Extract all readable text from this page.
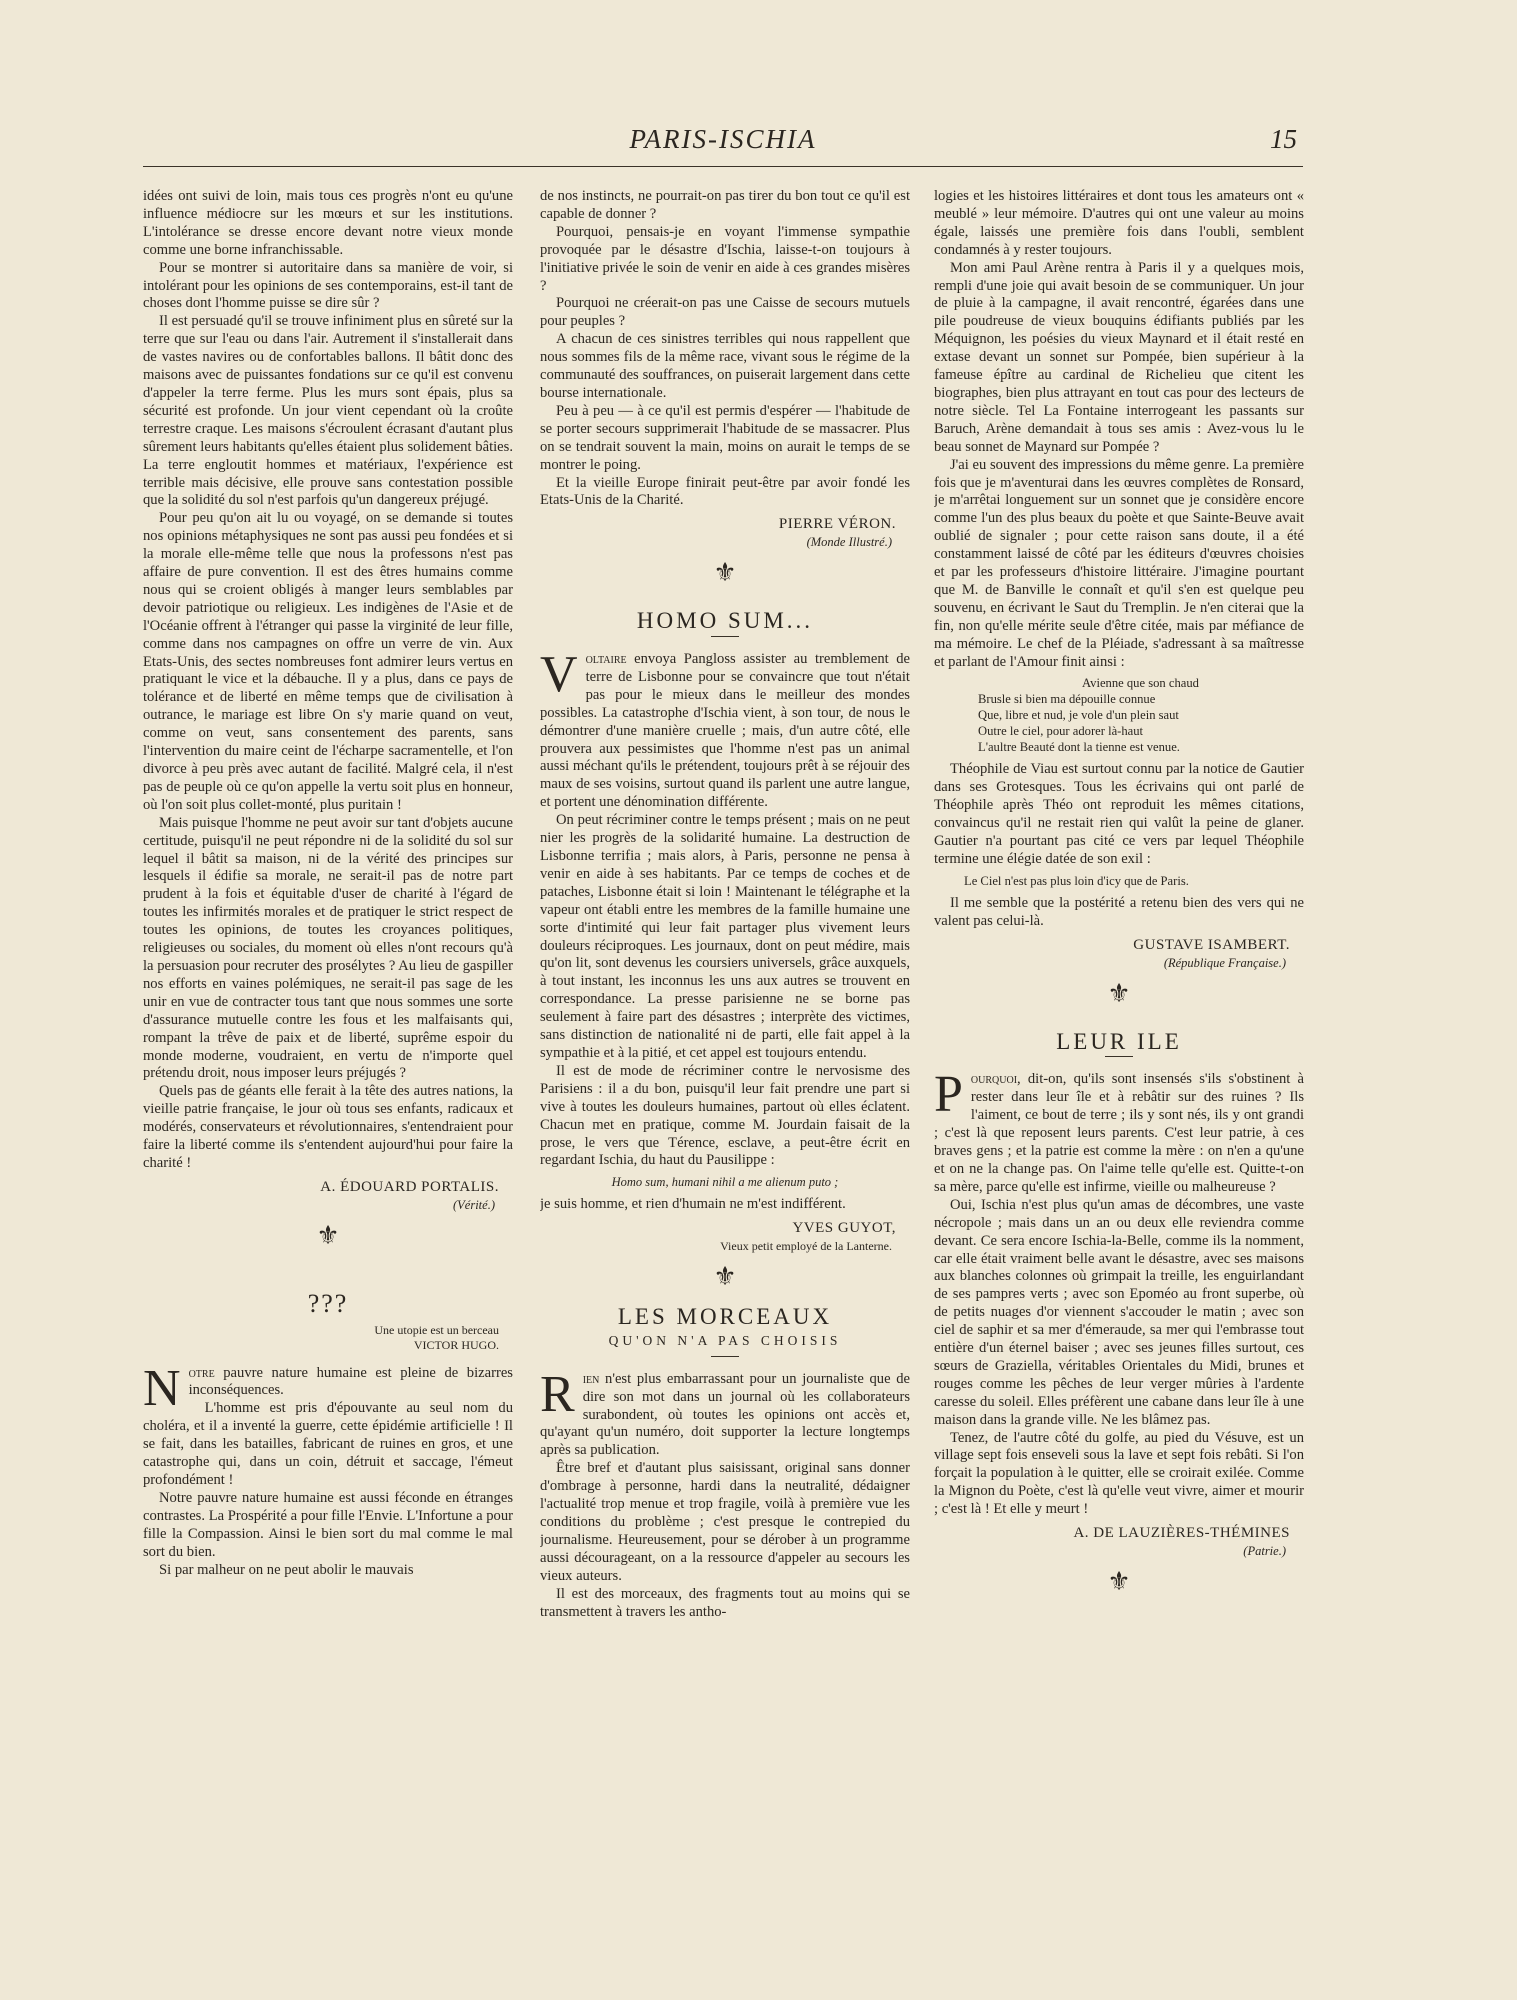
PARIS-ISCHIA	15

idées ont suivi de loin, mais tous ces progrès n'ont eu qu'une influence médiocre sur les mœurs et sur les institutions. L'intolérance se dresse encore devant notre vieux monde comme une borne infranchissable.

Pour se montrer si autoritaire dans sa manière de voir, si intolérant pour les opinions de ses contemporains, est-il tant de choses dont l'homme puisse se dire sûr ?

Il est persuadé qu'il se trouve infiniment plus en sûreté sur la terre que sur l'eau ou dans l'air. Autrement il s'installerait dans de vastes navires ou de confortables ballons. Il bâtit donc des maisons avec de puissantes fondations sur ce qu'il est convenu d'appeler la terre ferme. Plus les murs sont épais, plus sa sécurité est profonde. Un jour vient cependant où la croûte terrestre craque. Les maisons s'écroulent écrasant d'autant plus sûrement leurs habitants qu'elles étaient plus solidement bâties. La terre engloutit hommes et matériaux, l'expérience est terrible mais décisive, elle prouve sans contestation possible que la solidité du sol n'est parfois qu'un dangereux préjugé.

Pour peu qu'on ait lu ou voyagé, on se demande si toutes nos opinions métaphysiques ne sont pas aussi peu fondées et si la morale elle-même telle que nous la professons n'est pas affaire de pure convention. Il est des êtres humains comme nous qui se croient obligés à manger leurs semblables par devoir patriotique ou religieux. Les indigènes de l'Asie et de l'Océanie offrent à l'étranger qui passe la virginité de leur fille, comme dans nos campagnes on offre un verre de vin. Aux Etats-Unis, des sectes nombreuses font admirer leurs vertus en pratiquant le vice et la débauche. Il y a plus, dans ce pays de tolérance et de liberté en même temps que de civilisation à outrance, le mariage est libre On s'y marie quand on veut, comme on veut, sans consentement des parents, sans l'intervention du maire ceint de l'écharpe sacramentelle, et l'on divorce à peu près avec autant de facilité. Malgré cela, il n'est pas de peuple où ce qu'on appelle la vertu soit plus en honneur, où l'on soit plus collet-monté, plus puritain !

Mais puisque l'homme ne peut avoir sur tant d'objets aucune certitude, puisqu'il ne peut répondre ni de la solidité du sol sur lequel il bâtit sa maison, ni de la vérité des principes sur lesquels il édifie sa morale, ne serait-il pas de notre part prudent à la fois et équitable d'user de charité à l'égard de toutes les infirmités morales et de pratiquer le strict respect de toutes les opinions, de toutes les croyances politiques, religieuses ou sociales, du moment où elles n'ont recours qu'à la persuasion pour recruter des prosélytes ? Au lieu de gaspiller nos efforts en vaines polémiques, ne serait-il pas sage de les unir en vue de contracter tous tant que nous sommes une sorte d'assurance mutuelle contre les fous et les malfaisants qui, rompant la trêve de paix et de liberté, suprême espoir du monde moderne, voudraient, en vertu de n'importe quel prétendu droit, nous imposer leurs préjugés ?

Quels pas de géants elle ferait à la tête des autres nations, la vieille patrie française, le jour où tous ses enfants, radicaux et modérés, conservateurs et révolutionnaires, s'entendraient pour faire la liberté comme ils s'entendent aujourd'hui pour faire la charité !

A. ÉDOUARD PORTALIS.
(Vérité.)
⚜
???
Une utopie est un berceau
VICTOR HUGO.

Notre pauvre nature humaine est pleine de bizarres inconséquences.

L'homme est pris d'épouvante au seul nom du choléra, et il a inventé la guerre, cette épidémie artificielle ! Il se fait, dans les batailles, fabricant de ruines en gros, et une catastrophe qui, dans un coin, détruit et saccage, l'émeut profondément !

Notre pauvre nature humaine est aussi féconde en étranges contrastes. La Prospérité a pour fille l'Envie. L'Infortune a pour fille la Compassion. Ainsi le bien sort du mal comme le mal sort du bien.

Si par malheur on ne peut abolir le mauvais

de nos instincts, ne pourrait-on pas tirer du bon tout ce qu'il est capable de donner ?

Pourquoi, pensais-je en voyant l'immense sympathie provoquée par le désastre d'Ischia, laisse-t-on toujours à l'initiative privée le soin de venir en aide à ces grandes misères ?

Pourquoi ne créerait-on pas une Caisse de secours mutuels pour peuples ?

A chacun de ces sinistres terribles qui nous rappellent que nous sommes fils de la même race, vivant sous le régime de la communauté des souffrances, on puiserait largement dans cette bourse internationale.

Peu à peu — à ce qu'il est permis d'espérer — l'habitude de se porter secours supprimerait l'habitude de se massacrer. Plus on se tendrait souvent la main, moins on aurait le temps de se montrer le poing.

Et la vieille Europe finirait peut-être par avoir fondé les Etats-Unis de la Charité.

PIERRE VÉRON.
(Monde Illustré.)
⚜
HOMO SUM...

Voltaire envoya Pangloss assister au tremblement de terre de Lisbonne pour se convaincre que tout n'était pas pour le mieux dans le meilleur des mondes possibles. La catastrophe d'Ischia vient, à son tour, de nous le démontrer d'une manière cruelle ; mais, d'un autre côté, elle prouvera aux pessimistes que l'homme n'est pas un animal aussi méchant qu'ils le prétendent, toujours prêt à se réjouir des maux de ses voisins, surtout quand ils parlent une autre langue, et portent une dénomination différente.

On peut récriminer contre le temps présent ; mais on ne peut nier les progrès de la solidarité humaine. La destruction de Lisbonne terrifia ; mais alors, à Paris, personne ne pensa à venir en aide à ses habitants. Par ce temps de coches et de pataches, Lisbonne était si loin ! Maintenant le télégraphe et la vapeur ont établi entre les membres de la famille humaine une sorte d'intimité qui leur fait partager plus vivement leurs douleurs réciproques. Les journaux, dont on peut médire, mais qu'on lit, sont devenus les coursiers universels, grâce auxquels, à tout instant, les inconnus les uns aux autres se trouvent en correspondance. La presse parisienne ne se borne pas seulement à faire part des désastres ; interprète des victimes, sans distinction de nationalité ni de parti, elle fait appel à la sympathie et à la pitié, et cet appel est toujours entendu.

Il est de mode de récriminer contre le nervosisme des Parisiens : il a du bon, puisqu'il leur fait prendre une part si vive à toutes les douleurs humaines, partout où elles éclatent. Chacun met en pratique, comme M. Jourdain faisait de la prose, le vers que Térence, esclave, a peut-être écrit en regardant Ischia, du haut du Pausilippe :

Homo sum, humani nihil a me alienum puto ;

je suis homme, et rien d'humain ne m'est indifférent.

YVES GUYOT,
Vieux petit employé de la Lanterne.
⚜
LES MORCEAUX
QU'ON N'A PAS CHOISIS

Rien n'est plus embarrassant pour un journaliste que de dire son mot dans un journal où les collaborateurs surabondent, où toutes les opinions ont accès et, qu'ayant qu'un numéro, doit supporter la lecture longtemps après sa publication.

Être bref et d'autant plus saisissant, original sans donner d'ombrage à personne, hardi dans la neutralité, dédaigner l'actualité trop menue et trop fragile, voilà à première vue les conditions du problème ; c'est presque le contrepied du journalisme. Heureusement, pour se dérober à un programme aussi décourageant, on a la ressource d'appeler au secours les vieux auteurs.

Il est des morceaux, des fragments tout au moins qui se transmettent à travers les antho-

logies et les histoires littéraires et dont tous les amateurs ont « meublé » leur mémoire. D'autres qui ont une valeur au moins égale, laissés une première fois dans l'oubli, semblent condamnés à y rester toujours.

Mon ami Paul Arène rentra à Paris il y a quelques mois, rempli d'une joie qui avait besoin de se communiquer. Un jour de pluie à la campagne, il avait rencontré, égarées dans une pile poudreuse de vieux bouquins édifiants publiés par les Méquignon, les poésies du vieux Maynard et il était resté en extase devant un sonnet sur Pompée, bien supérieur à la fameuse épître au cardinal de Richelieu que citent les biographes, bien plus attrayant en tout cas pour des lecteurs de notre siècle. Tel La Fontaine interrogeant les passants sur Baruch, Arène demandait à tous ses amis : Avez-vous lu le beau sonnet de Maynard sur Pompée ?

J'ai eu souvent des impressions du même genre. La première fois que je m'aventurai dans les œuvres complètes de Ronsard, je m'arrêtai longuement sur un sonnet que je considère encore comme l'un des plus beaux du poète et que Sainte-Beuve avait oublié de signaler ; pour cette raison sans doute, il a été constamment laissé de côté par les éditeurs d'œuvres choisies et par les professeurs d'histoire littéraire. J'imagine pourtant que M. de Banville le connaît et qu'il s'en est quelque peu souvenu, en écrivant le Saut du Tremplin. Je n'en citerai que la fin, non qu'elle mérite seule d'être citée, mais par méfiance de ma mémoire. Le chef de la Pléiade, s'adressant à sa maîtresse et parlant de l'Amour finit ainsi :

Avienne que son chaud
Brusle si bien ma dépouille connue
Que, libre et nud, je vole d'un plein saut
Outre le ciel, pour adorer là-haut
L'aultre Beauté dont la tienne est venue.

Théophile de Viau est surtout connu par la notice de Gautier dans ses Grotesques. Tous les écrivains qui ont parlé de Théophile après Théo ont reproduit les mêmes citations, convaincus qu'il ne restait rien qui valût la peine de glaner. Gautier n'a pourtant pas cité ce vers par lequel Théophile termine une élégie datée de son exil :

Le Ciel n'est pas plus loin d'icy que de Paris.

Il me semble que la postérité a retenu bien des vers qui ne valent pas celui-là.

GUSTAVE ISAMBERT.
(République Française.)
⚜
LEUR ILE

Pourquoi, dit-on, qu'ils sont insensés s'ils s'obstinent à rester dans leur île et à rebâtir sur des ruines ? Ils l'aiment, ce bout de terre ; ils y sont nés, ils y ont grandi ; c'est là que reposent leurs parents. C'est leur patrie, à ces braves gens ; et la patrie est comme la mère : on n'en a qu'une et on ne la change pas. On l'aime telle qu'elle est. Quitte-t-on sa mère, parce qu'elle est infirme, vieille ou malheureuse ?

Oui, Ischia n'est plus qu'un amas de décombres, une vaste nécropole ; mais dans un an ou deux elle reviendra comme devant. Ce sera encore Ischia-la-Belle, comme ils la nomment, car elle était vraiment belle avant le désastre, avec ses maisons aux blanches colonnes où grimpait la treille, les enguirlandant de ses pampres verts ; avec son Epoméo au front superbe, où de petits nuages d'or viennent s'accouder le matin ; avec son ciel de saphir et sa mer d'émeraude, sa mer qui l'embrasse tout entière d'un éternel baiser ; avec ses jeunes filles surtout, ces sœurs de Graziella, véritables Orientales du Midi, brunes et rouges comme les pêches de leur verger mûries à l'ardente caresse du soleil. Elles préfèrent une cabane dans leur île à une maison dans la grande ville. Ne les blâmez pas.

Tenez, de l'autre côté du golfe, au pied du Vésuve, est un village sept fois enseveli sous la lave et sept fois rebâti. Si l'on forçait la population à le quitter, elle se croirait exilée. Comme la Mignon du Poète, c'est là qu'elle veut vivre, aimer et mourir ; c'est là ! Et elle y meurt !

A. DE LAUZIÈRES-THÉMINES
(Patrie.)
⚜
